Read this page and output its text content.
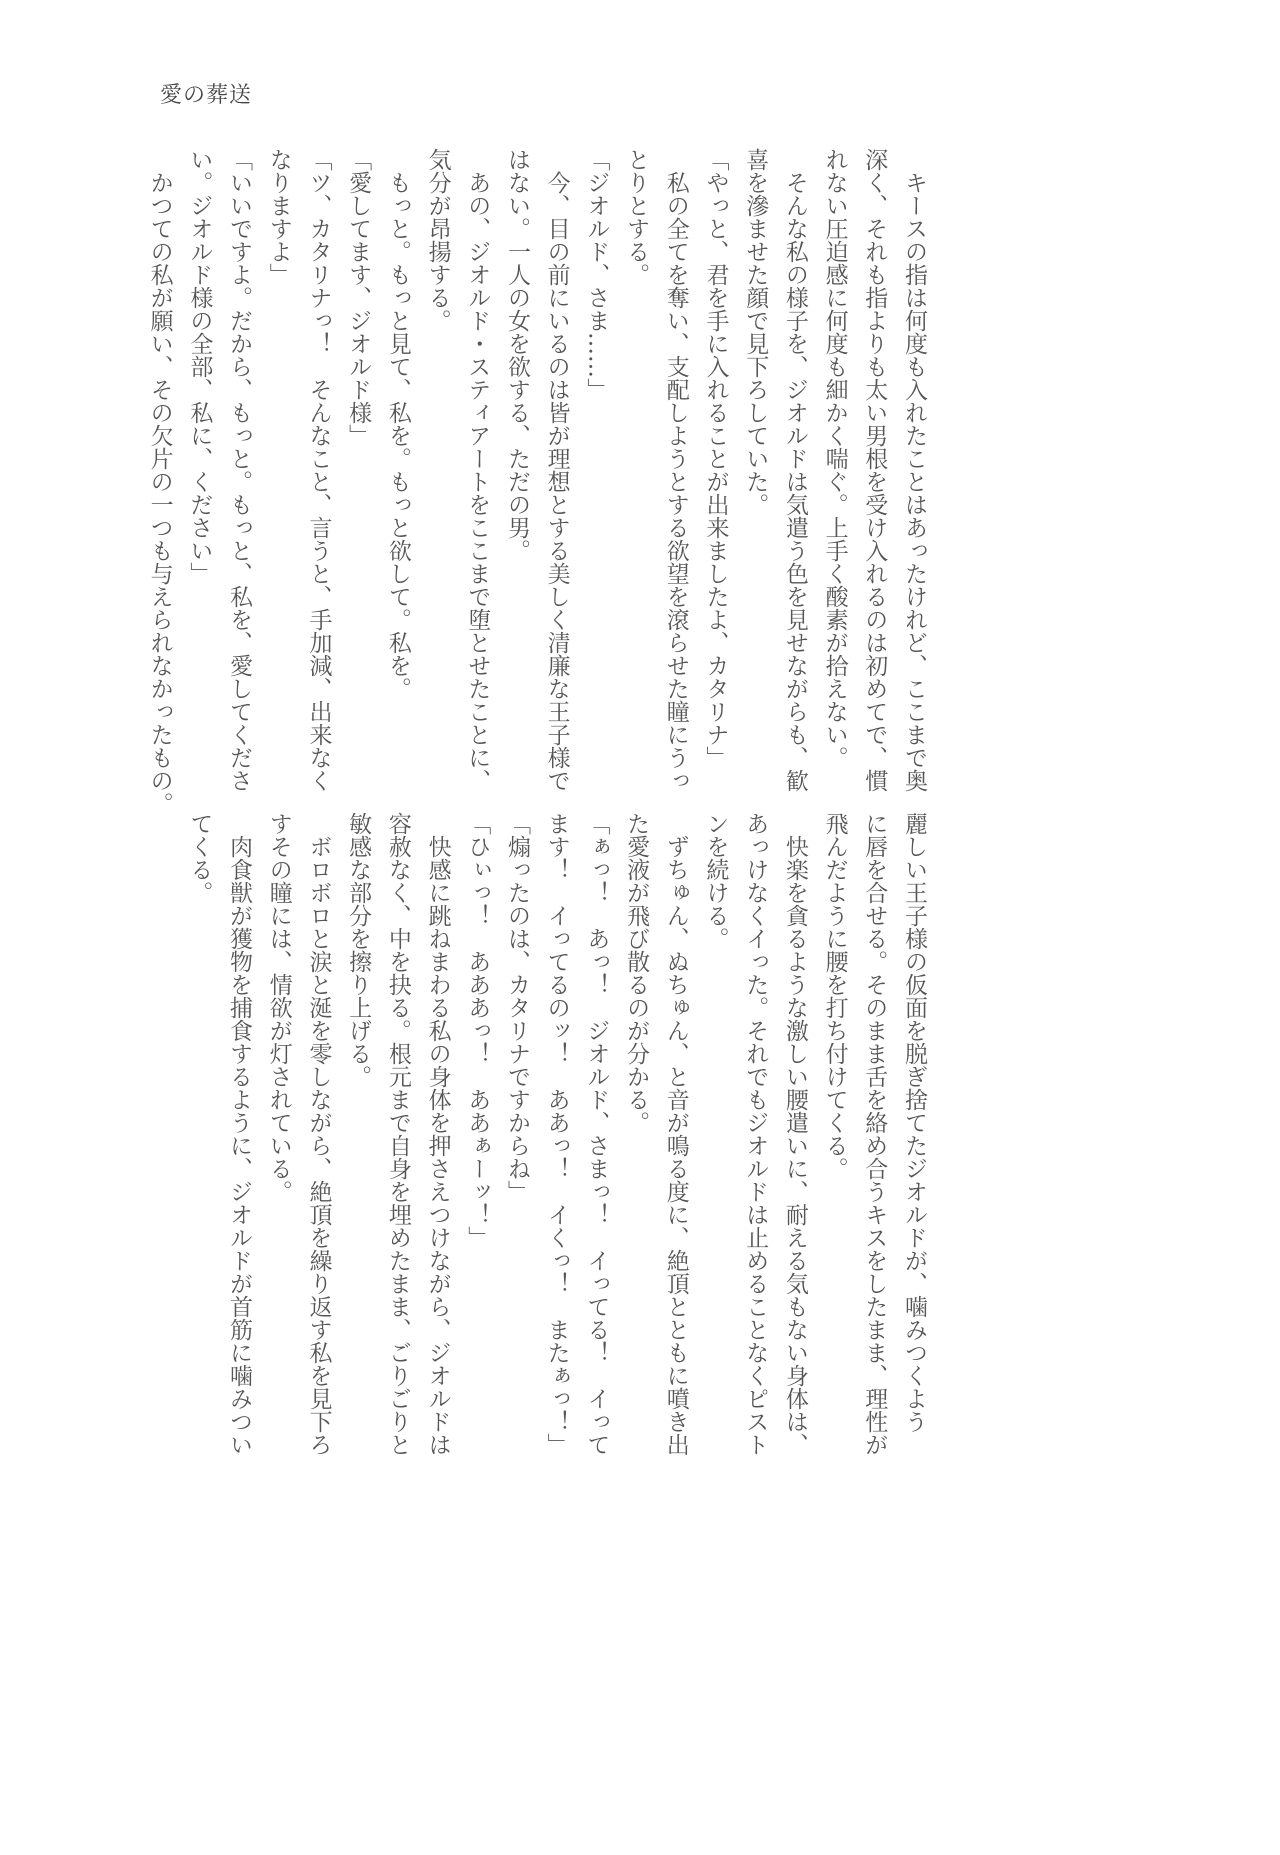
愛の葬送

キースの指は何度も入れたことはあったけれど、ここまで奥

深く、それも指よりも太い男根を受け入れるのは初めてで、慣

れない圧迫感に何度も細かく喘ぐ。上手く酸素が拾えない。

そんな私の様子を、ジオルドは気遣う色を見せながらも、歓

喜を滲ませた顔で見下ろしていた。

「やっと、君を手に入れることが出来ましたよ、カタリナ」

私の全てを奪い、支配しようとする欲望を滾らせた瞳にうっ

とりとする。

「ジオルド、さま……」

今、目の前にいるのは皆が理想とする美しく清廉な王子様で

はない。一人の女を欲する、ただの男。

あの、ジオルド・スティアートをここまで堕とせたことに、

気分が昂揚する。

もっと。もっと見て、私を。もっと欲して。私を。

「愛してます、ジオルド様」

「ツ、カタリナっ！　そんなこと、言うと、手加減、出来なく

なりますよ」

「いいですよ。だから、もっと。もっと、私を、愛してくださ

い。ジオルド様の全部、私に、ください」

かつての私が願い、その欠片の一つも与えられなかったもの。

麗しい王子様の仮面を脱ぎ捨てたジオルドが、噛みつくよう

に唇を合せる。そのまま舌を絡め合うキスをしたまま、理性が

飛んだように腰を打ち付けてくる。

快楽を貪るような激しい腰遣いに、耐える気もない身体は、

あっけなくイった。それでもジオルドは止めることなくピスト

ンを続ける。

ずちゅん、ぬちゅん、と音が鳴る度に、絶頂とともに噴き出

た愛液が飛び散るのが分かる。

「ぁっ！　あっ！　ジオルド、さまっ！　イってる！　イって

ます！　イってるのッ！　ああっ！　イくっ！　またぁっ！」

「煽ったのは、カタリナですからね」

「ひぃっ！　あああっ！　ああぁーッ！」

快感に跳ねまわる私の身体を押さえつけながら、ジオルドは

容赦なく、中を抉る。根元まで自身を埋めたまま、ごりごりと

敏感な部分を擦り上げる。

ボロボロと涙と涎を零しながら、絶頂を繰り返す私を見下ろ

すその瞳には、情欲が灯されている。

肉食獣が獲物を捕食するように、ジオルドが首筋に噛みつい

てくる。
